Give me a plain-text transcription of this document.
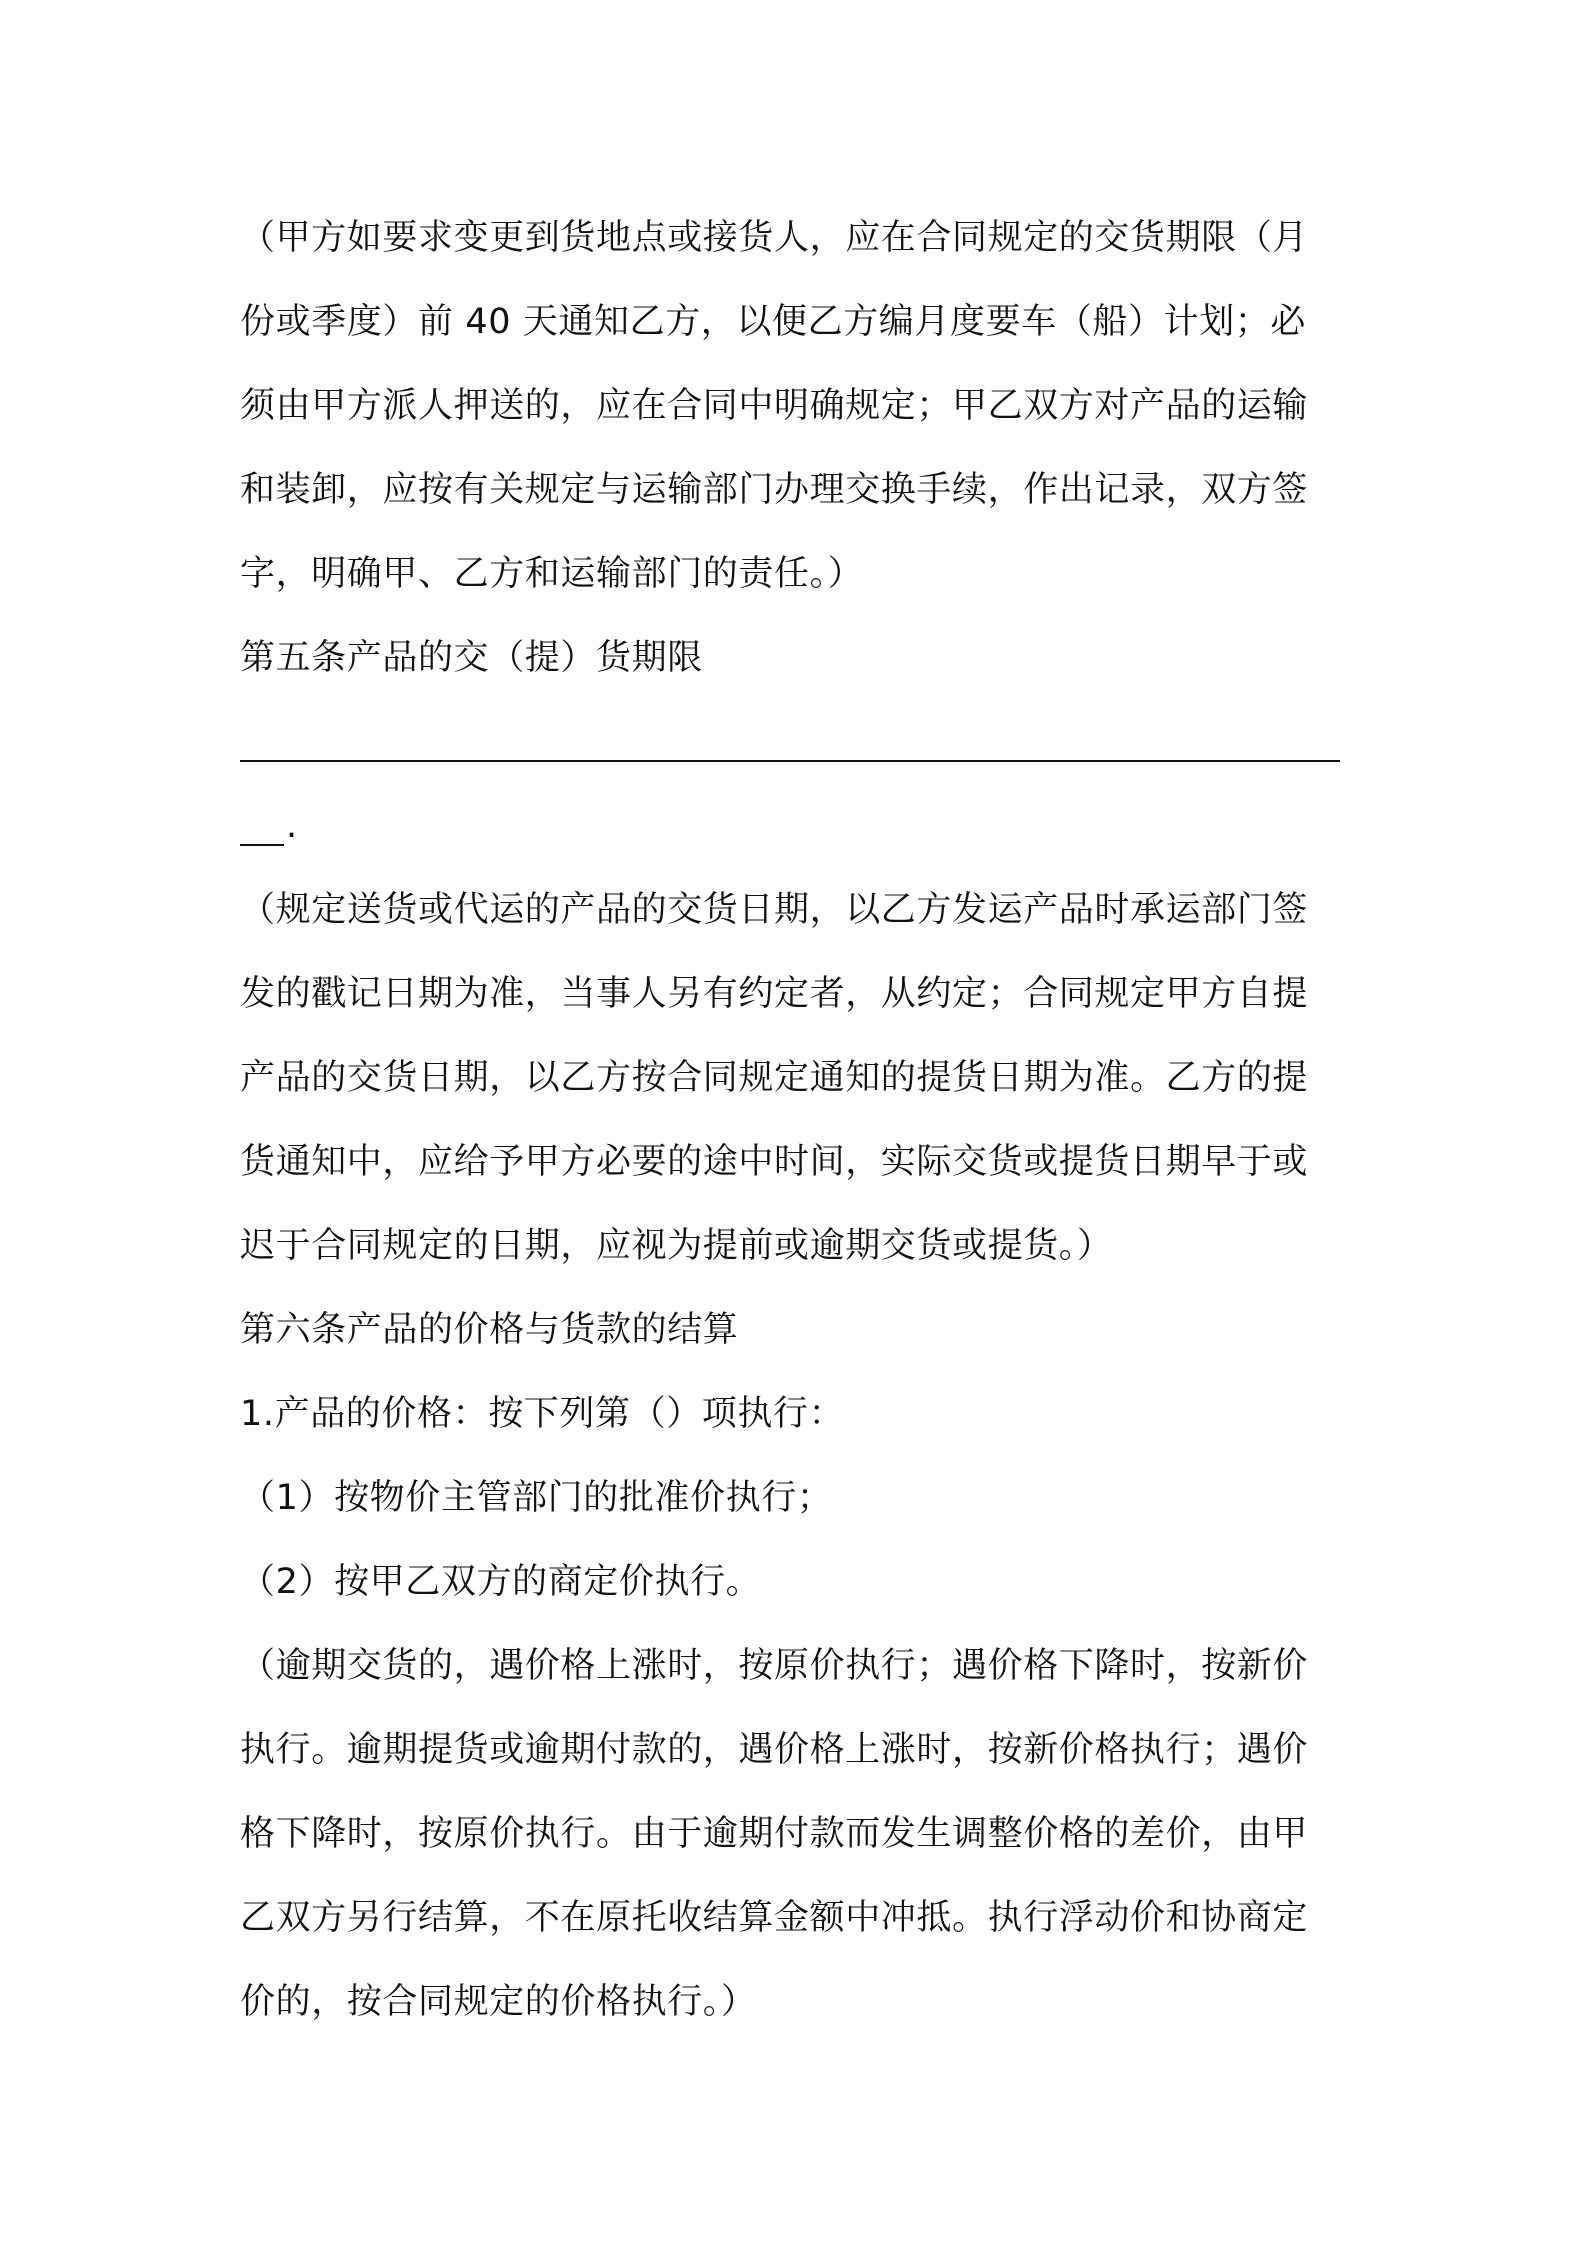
（甲方如要求变更到货地点或接货人，应在合同规定的交货期限（月
份或季度）前 40 天通知乙方，以便乙方编月度要车（船）计划；必
须由甲方派人押送的，应在合同中明确规定；甲乙双方对产品的运输
和装卸，应按有关规定与运输部门办理交换手续，作出记录，双方签
字，明确甲、乙方和运输部门的责任。）
第五条产品的交（提）货期限
.
（规定送货或代运的产品的交货日期，以乙方发运产品时承运部门签
发的戳记日期为准，当事人另有约定者，从约定；合同规定甲方自提
产品的交货日期，以乙方按合同规定通知的提货日期为准。乙方的提
货通知中，应给予甲方必要的途中时间，实际交货或提货日期早于或
迟于合同规定的日期，应视为提前或逾期交货或提货。）
第六条产品的价格与货款的结算
1.产品的价格：按下列第（）项执行：
（1）按物价主管部门的批准价执行；
（2）按甲乙双方的商定价执行。
（逾期交货的，遇价格上涨时，按原价执行；遇价格下降时，按新价
执行。逾期提货或逾期付款的，遇价格上涨时，按新价格执行；遇价
格下降时，按原价执行。由于逾期付款而发生调整价格的差价，由甲
乙双方另行结算，不在原托收结算金额中冲抵。执行浮动价和协商定
价的，按合同规定的价格执行。）
